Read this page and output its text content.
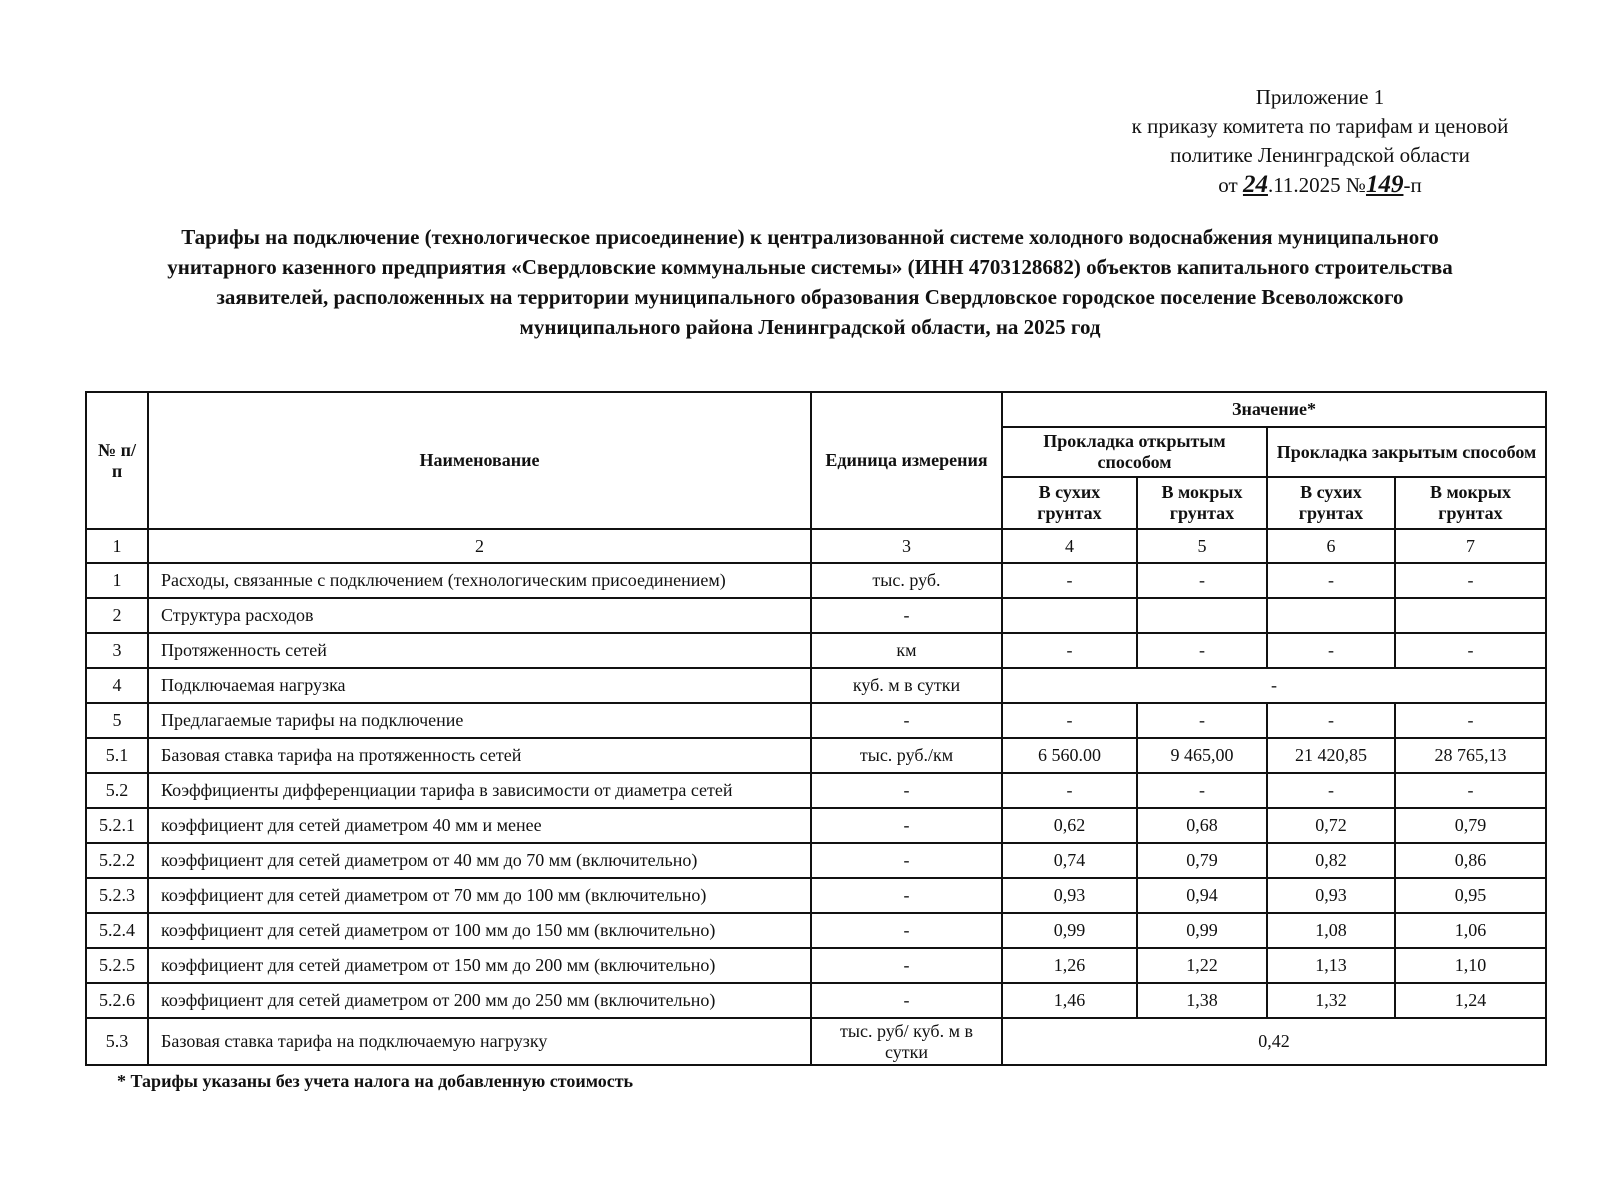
Приложение 1
к приказу комитета по тарифам и ценовой
политике Ленинградской области
от 24.11.2025 №149-п
Тарифы на подключение (технологическое присоединение) к централизованной системе холодного водоснабжения муниципального
унитарного казенного предприятия «Свердловские коммунальные системы» (ИНН 4703128682) объектов капитального строительства
заявителей, расположенных на территории муниципального образования Свердловское городское поселение Всеволожского
муниципального района Ленинградской области, на 2025 год
№ п/п	Наименование	Единица измерения	Значение*			
			Прокладка открытым способом		Прокладка закрытым способом	
			В сухих грунтах	В мокрых грунтах	В сухих грунтах	В мокрых грунтах
1	2	3	4	5	6	7
1	Расходы, связанные с подключением (технологическим присоединением)	тыс. руб.	-	-	-	-
2	Структура расходов	-				
3	Протяженность сетей	км	-	-	-	-
4	Подключаемая нагрузка	куб. м в сутки	-			
5	Предлагаемые тарифы на подключение	-	-	-	-	-
5.1	Базовая ставка тарифа на протяженность сетей	тыс. руб./км	6 560.00	9 465,00	21 420,85	28 765,13
5.2	Коэффициенты дифференциации тарифа в зависимости от диаметра сетей	-	-	-	-	-
5.2.1	коэффициент для сетей диаметром 40 мм и менее	-	0,62	0,68	0,72	0,79
5.2.2	коэффициент для сетей диаметром от 40 мм до 70 мм (включительно)	-	0,74	0,79	0,82	0,86
5.2.3	коэффициент для сетей диаметром от 70 мм до 100 мм (включительно)	-	0,93	0,94	0,93	0,95
5.2.4	коэффициент для сетей диаметром от 100 мм до 150 мм (включительно)	-	0,99	0,99	1,08	1,06
5.2.5	коэффициент для сетей диаметром от 150 мм до 200 мм (включительно)	-	1,26	1,22	1,13	1,10
5.2.6	коэффициент для сетей диаметром от 200 мм до 250 мм (включительно)	-	1,46	1,38	1,32	1,24
5.3	Базовая ставка тарифа на подключаемую нагрузку	тыс. руб/ куб. м в сутки	0,42			
* Тарифы указаны без учета налога на добавленную стоимость
